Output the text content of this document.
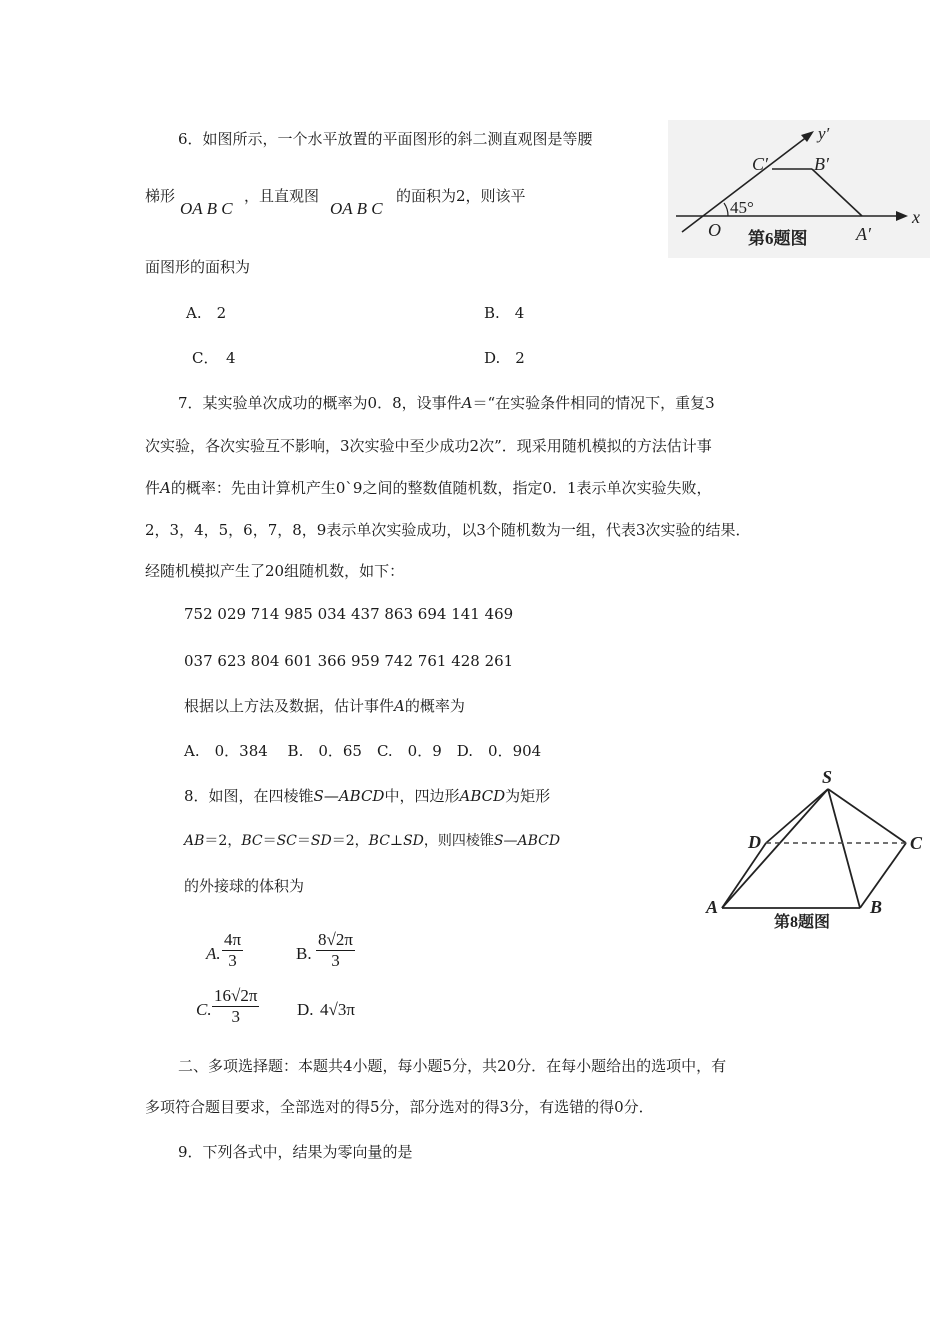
6．如图所示，一个水平放置的平面图形的斜二测直观图是等腰
梯形
OA B C
，且直观图
OA B C
的面积为2，则该平
面图形的面积为
A.　2	B.　4
C．　4	D.　2
y′
C′	B′
45°
O	A′
x
第6题图
7．某实验单次成功的概率为0．8，设事件A＝“在实验条件相同的情况下，重复3
次实验，各次实验互不影响，3次实验中至少成功2次”．现采用随机模拟的方法估计事
件A的概率：先由计算机产生0`9之间的整数值随机数，指定0．1表示单次实验失败，
2，3，4，5，6，7，8，9表示单次实验成功，以3个随机数为一组，代表3次实验的结果．
经随机模拟产生了20组随机数，如下：
752 029 714 985 034 437 863 694 141 469
037 623 804 601 366 959 742 761 428 261
根据以上方法及数据，估计事件A的概率为
A.　0．384　 B.　0．65　C.　0．9　D.　0．904
8．如图，在四棱锥S—ABCD中，四边形ABCD为矩形
AB＝2，BC＝SC＝SD＝2，BC⊥SD，则四棱锥S—ABCD
的外接球的体积为
A. $\frac{4\pi}{3}$	B. $\frac{8√2\pi}{3}$
C. $\frac{16√2\pi}{3} D$. 4√3π
S
D	C
A	B
第8题图
二、多项选择题：本题共4小题，每小题5分，共20分．在每小题给出的选项中，有
多项符合题目要求，全部选对的得5分，部分选对的得3分，有选错的得0分．
9．下列各式中，结果为零向量的是
